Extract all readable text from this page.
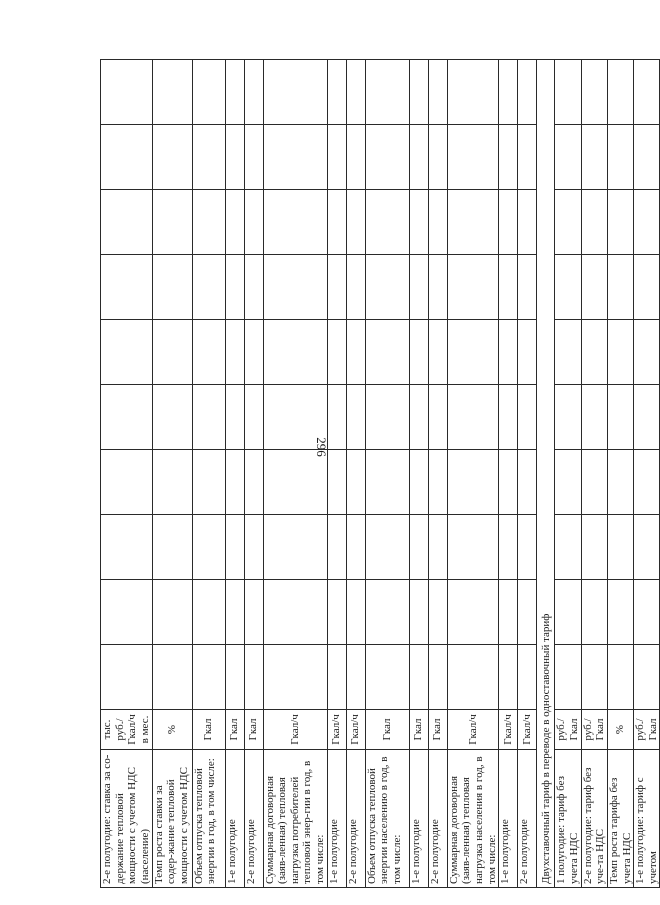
296
2-е полугодие: ставка за со-держание тепловой мощности с учетом НДС (население)	тыс. руб./Гкал/ч в мес.										
Темп роста ставки за содер-жание тепловой мощности с учетом НДС	%										
Объем отпуска тепловой энергии в год, в том числе:	Гкал										
1-е полугодие	Гкал										
2-е полугодие	Гкал										
Суммарная договорная (заяв-ленная) тепловая нагрузка потребителей тепловой энер-гии в год, в том числе:	Гкал/ч										
1-е полугодие	Гкал/ч										
2-е полугодие	Гкал/ч										
Объем отпуска тепловой энергии населению в год, в том числе:	Гкал										
1-е полугодие	Гкал										
2-е полугодие	Гкал										
Суммарная договорная (заяв-ленная) тепловая нагрузка населения в год, в том числе:	Гкал/ч										
1-е полугодие	Гкал/ч										
2-е полугодие	Гкал/ч										
Двухставочный тариф в переводе в одноставочный тариф											
1 полугодие: тариф без учета НДС	руб./Гкал										
2-е полугодие: тариф без уче-та НДС	руб./Гкал										
Темп роста тарифа без учета НДС	%										
1-е полугодие: тариф с учетом	руб./Гкал										
